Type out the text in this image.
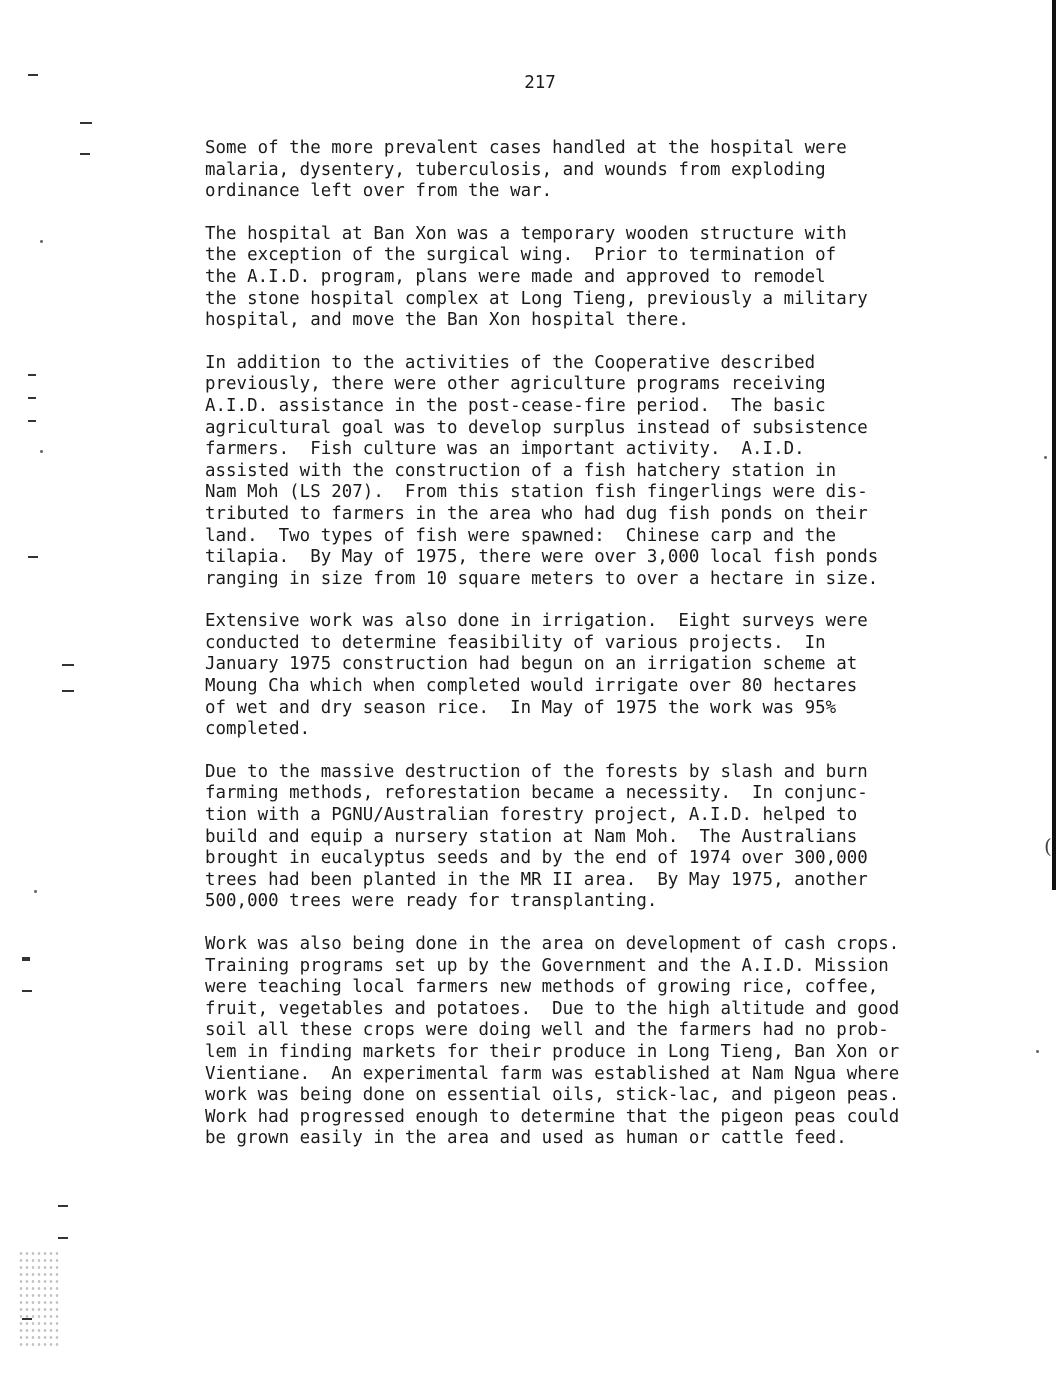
217

Some of the more prevalent cases handled at the hospital were
malaria, dysentery, tuberculosis, and wounds from exploding
ordinance left over from the war.

The hospital at Ban Xon was a temporary wooden structure with
the exception of the surgical wing.  Prior to termination of
the A.I.D. program, plans were made and approved to remodel
the stone hospital complex at Long Tieng, previously a military
hospital, and move the Ban Xon hospital there.

In addition to the activities of the Cooperative described
previously, there were other agriculture programs receiving
A.I.D. assistance in the post-cease-fire period.  The basic
agricultural goal was to develop surplus instead of subsistence
farmers.  Fish culture was an important activity.  A.I.D.
assisted with the construction of a fish hatchery station in
Nam Moh (LS 207).  From this station fish fingerlings were dis-
tributed to farmers in the area who had dug fish ponds on their
land.  Two types of fish were spawned:  Chinese carp and the
tilapia.  By May of 1975, there were over 3,000 local fish ponds
ranging in size from 10 square meters to over a hectare in size.

Extensive work was also done in irrigation.  Eight surveys were
conducted to determine feasibility of various projects.  In
January 1975 construction had begun on an irrigation scheme at
Moung Cha which when completed would irrigate over 80 hectares
of wet and dry season rice.  In May of 1975 the work was 95%
completed.

Due to the massive destruction of the forests by slash and burn
farming methods, reforestation became a necessity.  In conjunc-
tion with a PGNU/Australian forestry project, A.I.D. helped to
build and equip a nursery station at Nam Moh.  The Australians
brought in eucalyptus seeds and by the end of 1974 over 300,000
trees had been planted in the MR II area.  By May 1975, another
500,000 trees were ready for transplanting.

Work was also being done in the area on development of cash crops.
Training programs set up by the Government and the A.I.D. Mission
were teaching local farmers new methods of growing rice, coffee,
fruit, vegetables and potatoes.  Due to the high altitude and good
soil all these crops were doing well and the farmers had no prob-
lem in finding markets for their produce in Long Tieng, Ban Xon or
Vientiane.  An experimental farm was established at Nam Ngua where
work was being done on essential oils, stick-lac, and pigeon peas.
Work had progressed enough to determine that the pigeon peas could
be grown easily in the area and used as human or cattle feed.

(
